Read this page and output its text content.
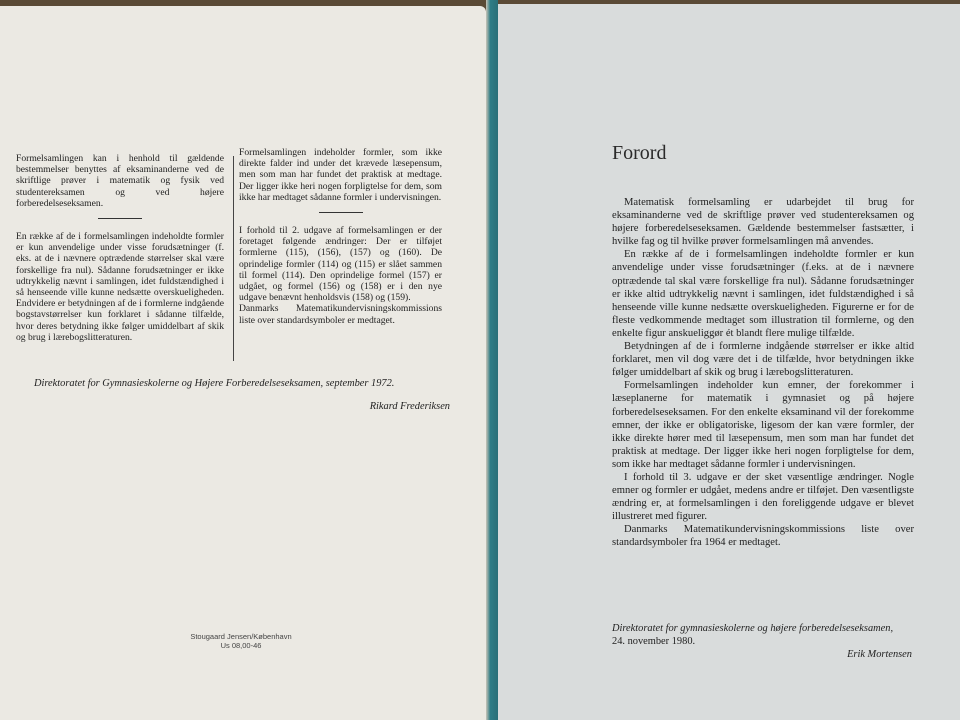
Formelsamlingen kan i henhold til gældende bestemmelser benyttes af eksaminanderne ved de skriftlige prøver i matematik og fysik ved studentereksamen og ved højere forberedelseseksamen.

En række af de i formelsamlingen indeholdte formler er kun anvendelige under visse forudsætninger (f. eks. at de i nævnere optrædende størrelser skal være forskellige fra nul). Sådanne forudsætninger er ikke udtrykkelig nævnt i samlingen, idet fuldstændighed i så henseende ville kunne nedsætte overskueligheden. Endvidere er betydningen af de i formlerne indgående bogstavstørrelser kun forklaret i sådanne tilfælde, hvor deres betydning ikke følger umiddelbart af skik og brug i lærebogslitteraturen.

Formelsamlingen indeholder formler, som ikke direkte falder ind under det krævede læsepensum, men som man har fundet det praktisk at medtage. Der ligger ikke heri nogen forpligtelse for dem, som ikke har medtaget sådanne formler i undervisningen.

I forhold til 2. udgave af formelsamlingen er der foretaget følgende ændringer: Der er tilføjet formlerne (115), (156), (157) og (160). De oprindelige formler (114) og (115) er slået sammen til formel (114). Den oprindelige formel (157) er udgået, og formel (156) og (158) er i den nye udgave benævnt henholdsvis (158) og (159).

Danmarks Matematikundervisningskommissions liste over standardsymboler er medtaget.

Direktoratet for Gymnasieskolerne og Højere Forberedelseseksamen, september 1972.
Rikard Frederiksen
Stougaard Jensen/København
Us 08,00-46
Forord

Matematisk formelsamling er udarbejdet til brug for eksaminanderne ved de skriftlige prøver ved studentereksamen og højere forberedelseseksamen. Gældende bestemmelser fastsætter, i hvilke fag og til hvilke prøver formelsamlingen må anvendes.

En række af de i formelsamlingen indeholdte formler er kun anvendelige under visse forudsætninger (f.eks. at de i nævnere optrædende tal skal være forskellige fra nul). Sådanne forudsætninger er ikke altid udtrykkelig nævnt i samlingen, idet fuldstændighed i så henseende ville kunne nedsætte overskueligheden. Figurerne er for de fleste vedkommende medtaget som illustration til formlerne, og den enkelte figur anskueliggør ét blandt flere mulige tilfælde.

Betydningen af de i formlerne indgående størrelser er ikke altid forklaret, men vil dog være det i de tilfælde, hvor betydningen ikke følger umiddelbart af skik og brug i lærebogslitteraturen.

Formelsamlingen indeholder kun emner, der forekommer i læseplanerne for matematik i gymnasiet og på højere forberedelseseksamen. For den enkelte eksaminand vil der forekomme emner, der ikke er obligatoriske, ligesom der kan være formler, der ikke direkte hører med til læsepensum, men som man har fundet det praktisk at medtage. Der ligger ikke heri nogen forpligtelse for dem, som ikke har medtaget sådanne formler i undervisningen.

I forhold til 3. udgave er der sket væsentlige ændringer. Nogle emner og formler er udgået, medens andre er tilføjet. Den væsentligste ændring er, at formelsamlingen i den foreliggende udgave er blevet illustreret med figurer.

Danmarks Matematikundervisningskommissions liste over standardsymboler fra 1964 er medtaget.

Direktoratet for gymnasieskolerne og højere forberedelseseksamen,
24. november 1980.
Erik Mortensen
